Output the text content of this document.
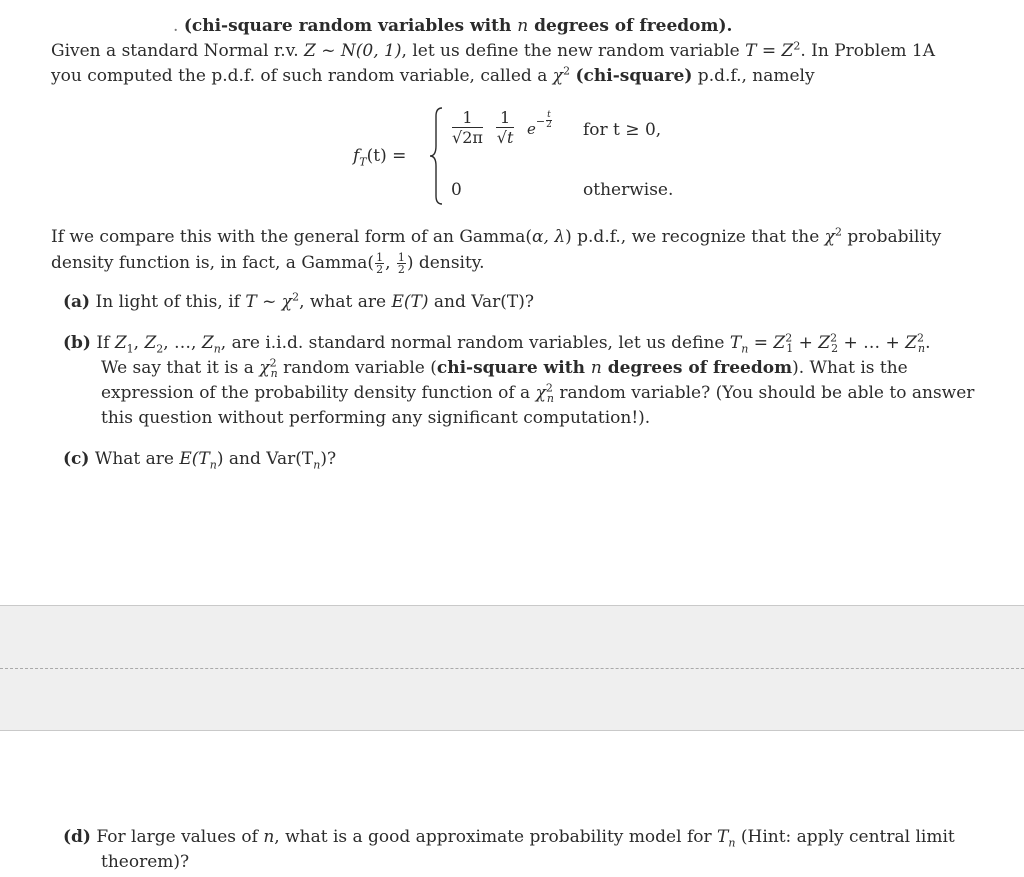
. (chi-square random variables with n degrees of freedom).
Given a standard Normal r.v. Z ~ N(0, 1), let us define the new random variable $T = Z^2$. In Problem 1A
you computed the p.d.f. of such random variable, called a $\chi^2$ (chi-square) p.d.f., namely
$f_T(t)$ =
1
√2π
1
√t $e^- \frac{t}{2}$ for t ≥ 0,
0	otherwise.
If we compare this with the general form of an Gamma(α, λ) p.d.f., we recognize that the $\chi^2$ probability
density function is, in fact, a Gamma( $\frac{1}{2}$ , $\frac{1}{2}$ ) density.
(a) In light of this, if T ~ $\chi^2$, what are E(T) and Var(T)?
(b) If $Z_1$, $Z_2$, …, $Z_n$, are i.i.d. standard normal random variables, let us define $T_n = Z^2_1 + Z^2_2$ + … + $Z^2_n$.
We say that it is a $\chi^2_n$ random variable (chi-square with n degrees of freedom). What is the
expression of the probability density function of a $\chi^2_n$ random variable? (You should be able to answer
this question without performing any significant computation!).
(c) What are $E(T_n)$ and $Var(T_n)$?
(d) For large values of n, what is a good approximate probability model for $T_n$ (Hint: apply central limit
theorem)?
